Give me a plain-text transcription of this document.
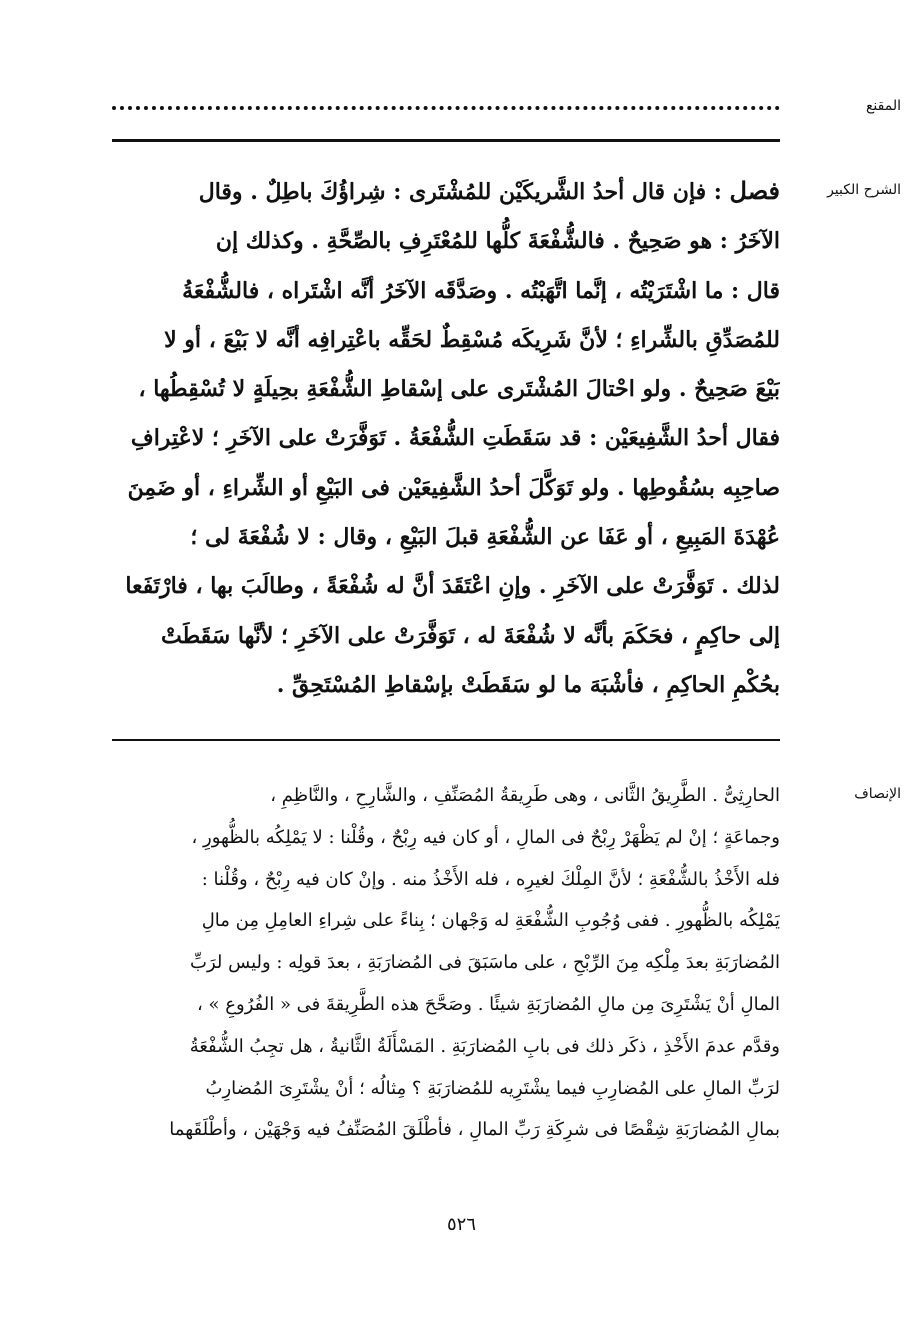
المقنع
الشرح الكبير
فصل : فإن قال أحدُ الشَّريكَيْن للمُشْتَرى : شِراؤُكَ باطِلٌ . وقال
الآخَرُ : هو صَحِيحٌ . فالشُّفْعَةَ كلُّها للمُعْتَرِفِ بالصِّحَّةِ . وكذلك إن
قال : ما اشْتَرَيْتُه ، إنَّما اتَّهَبْتُه . وصَدَّقَه الآخَرُ أنَّه اشْتَراه ، فالشُّفْعَةُ
للمُصَدِّقِ بالشِّراءِ ؛ لأنَّ شَرِيكَه مُسْقِطٌ لحَقِّه باعْتِرافِه أنَّه لا بَيْعَ ، أو لا
بَيْعَ صَحِيحٌ . ولو احْتالَ المُشْتَرى على إسْقاطِ الشُّفْعَةِ بحِيلَةٍ لا تُسْقِطُها ،
فقال أحدُ الشَّفِيعَيْن : قد سَقَطَتِ الشُّفْعَةُ . تَوَفَّرَتْ على الآخَرِ ؛ لاعْتِرافِ
صاحِبِه بسُقُوطِها . ولو تَوَكَّلَ أحدُ الشَّفِيعَيْن فى البَيْعِ أو الشِّراءِ ، أو ضَمِنَ
عُهْدَةَ المَبِيعِ ، أو عَفَا عن الشُّفْعَةِ قبلَ البَيْعِ ، وقال : لا شُفْعَةَ لى ؛
لذلك . تَوَفَّرَتْ على الآخَرِ . وإنِ اعْتَقَدَ أنَّ له شُفْعَةً ، وطالَبَ بها ، فارْتَفَعا
إلى حاكِمٍ ، فحَكَمَ بأنَّه لا شُفْعَةَ له ، تَوَفَّرَتْ على الآخَرِ ؛ لأنَّها سَقَطَتْ
بحُكْمِ الحاكِمِ ، فأشْبَهَ ما لو سَقَطَتْ بإسْقاطِ المُسْتَحِقِّ .
الإنصاف
الحارِثِىُّ . الطَّرِيقُ الثَّانى ، وهى طَرِيقةُ المُصَنِّفِ ، والشَّارِحِ ، والنَّاظِمِ ،
وجماعَةٍ ؛ إنْ لم يَظْهَرْ رِبْحٌ فى المالِ ، أو كان فيه رِبْحٌ ، وقُلْنا : لا يَمْلِكُه بالظُّهورِ ،
فله الأَخْذُ بالشُّفْعَةِ ؛ لأنَّ المِلْكَ لغيرِه ، فله الأَخْذُ منه . وإنْ كان فيه رِبْحٌ ، وقُلْنا :
يَمْلِكُه بالظُّهورِ . ففى وُجُوبِ الشُّفْعَةِ له وَجْهان ؛ بِناءً على شِراءِ العامِلِ مِن مالِ
المُضارَبَةِ بعدَ مِلْكِه مِنَ الرِّبْحِ ، على ماسَبَقَ فى المُضارَبَةِ ، بعدَ قولِه : وليس لرَبِّ
المالِ أنْ يَشْتَرِىَ مِن مالِ المُضارَبَةِ شيئًا . وصَحَّحَ هذه الطَّرِيقةَ فى « الفُرُوعِ » ،
وقدَّم عدمَ الأَخْذِ ، ذكَر ذلك فى بابِ المُضارَبَةِ . المَسْأَلَةُ الثَّانيةُ ، هل تجِبُ الشُّفْعَةُ
لرَبِّ المالِ على المُضارِبِ فيما يشْتَرِيه للمُضارَبَةِ ؟ مِثالُه ؛ أنْ يشْتَرِىَ المُضارِبُ
بمالِ المُضارَبَةِ شِقْصًا فى شرِكَةِ رَبِّ المالِ ، فأطْلَقَ المُصَنِّفُ فيه وَجْهَيْن ، وأطْلَقَهما
٥٢٦
